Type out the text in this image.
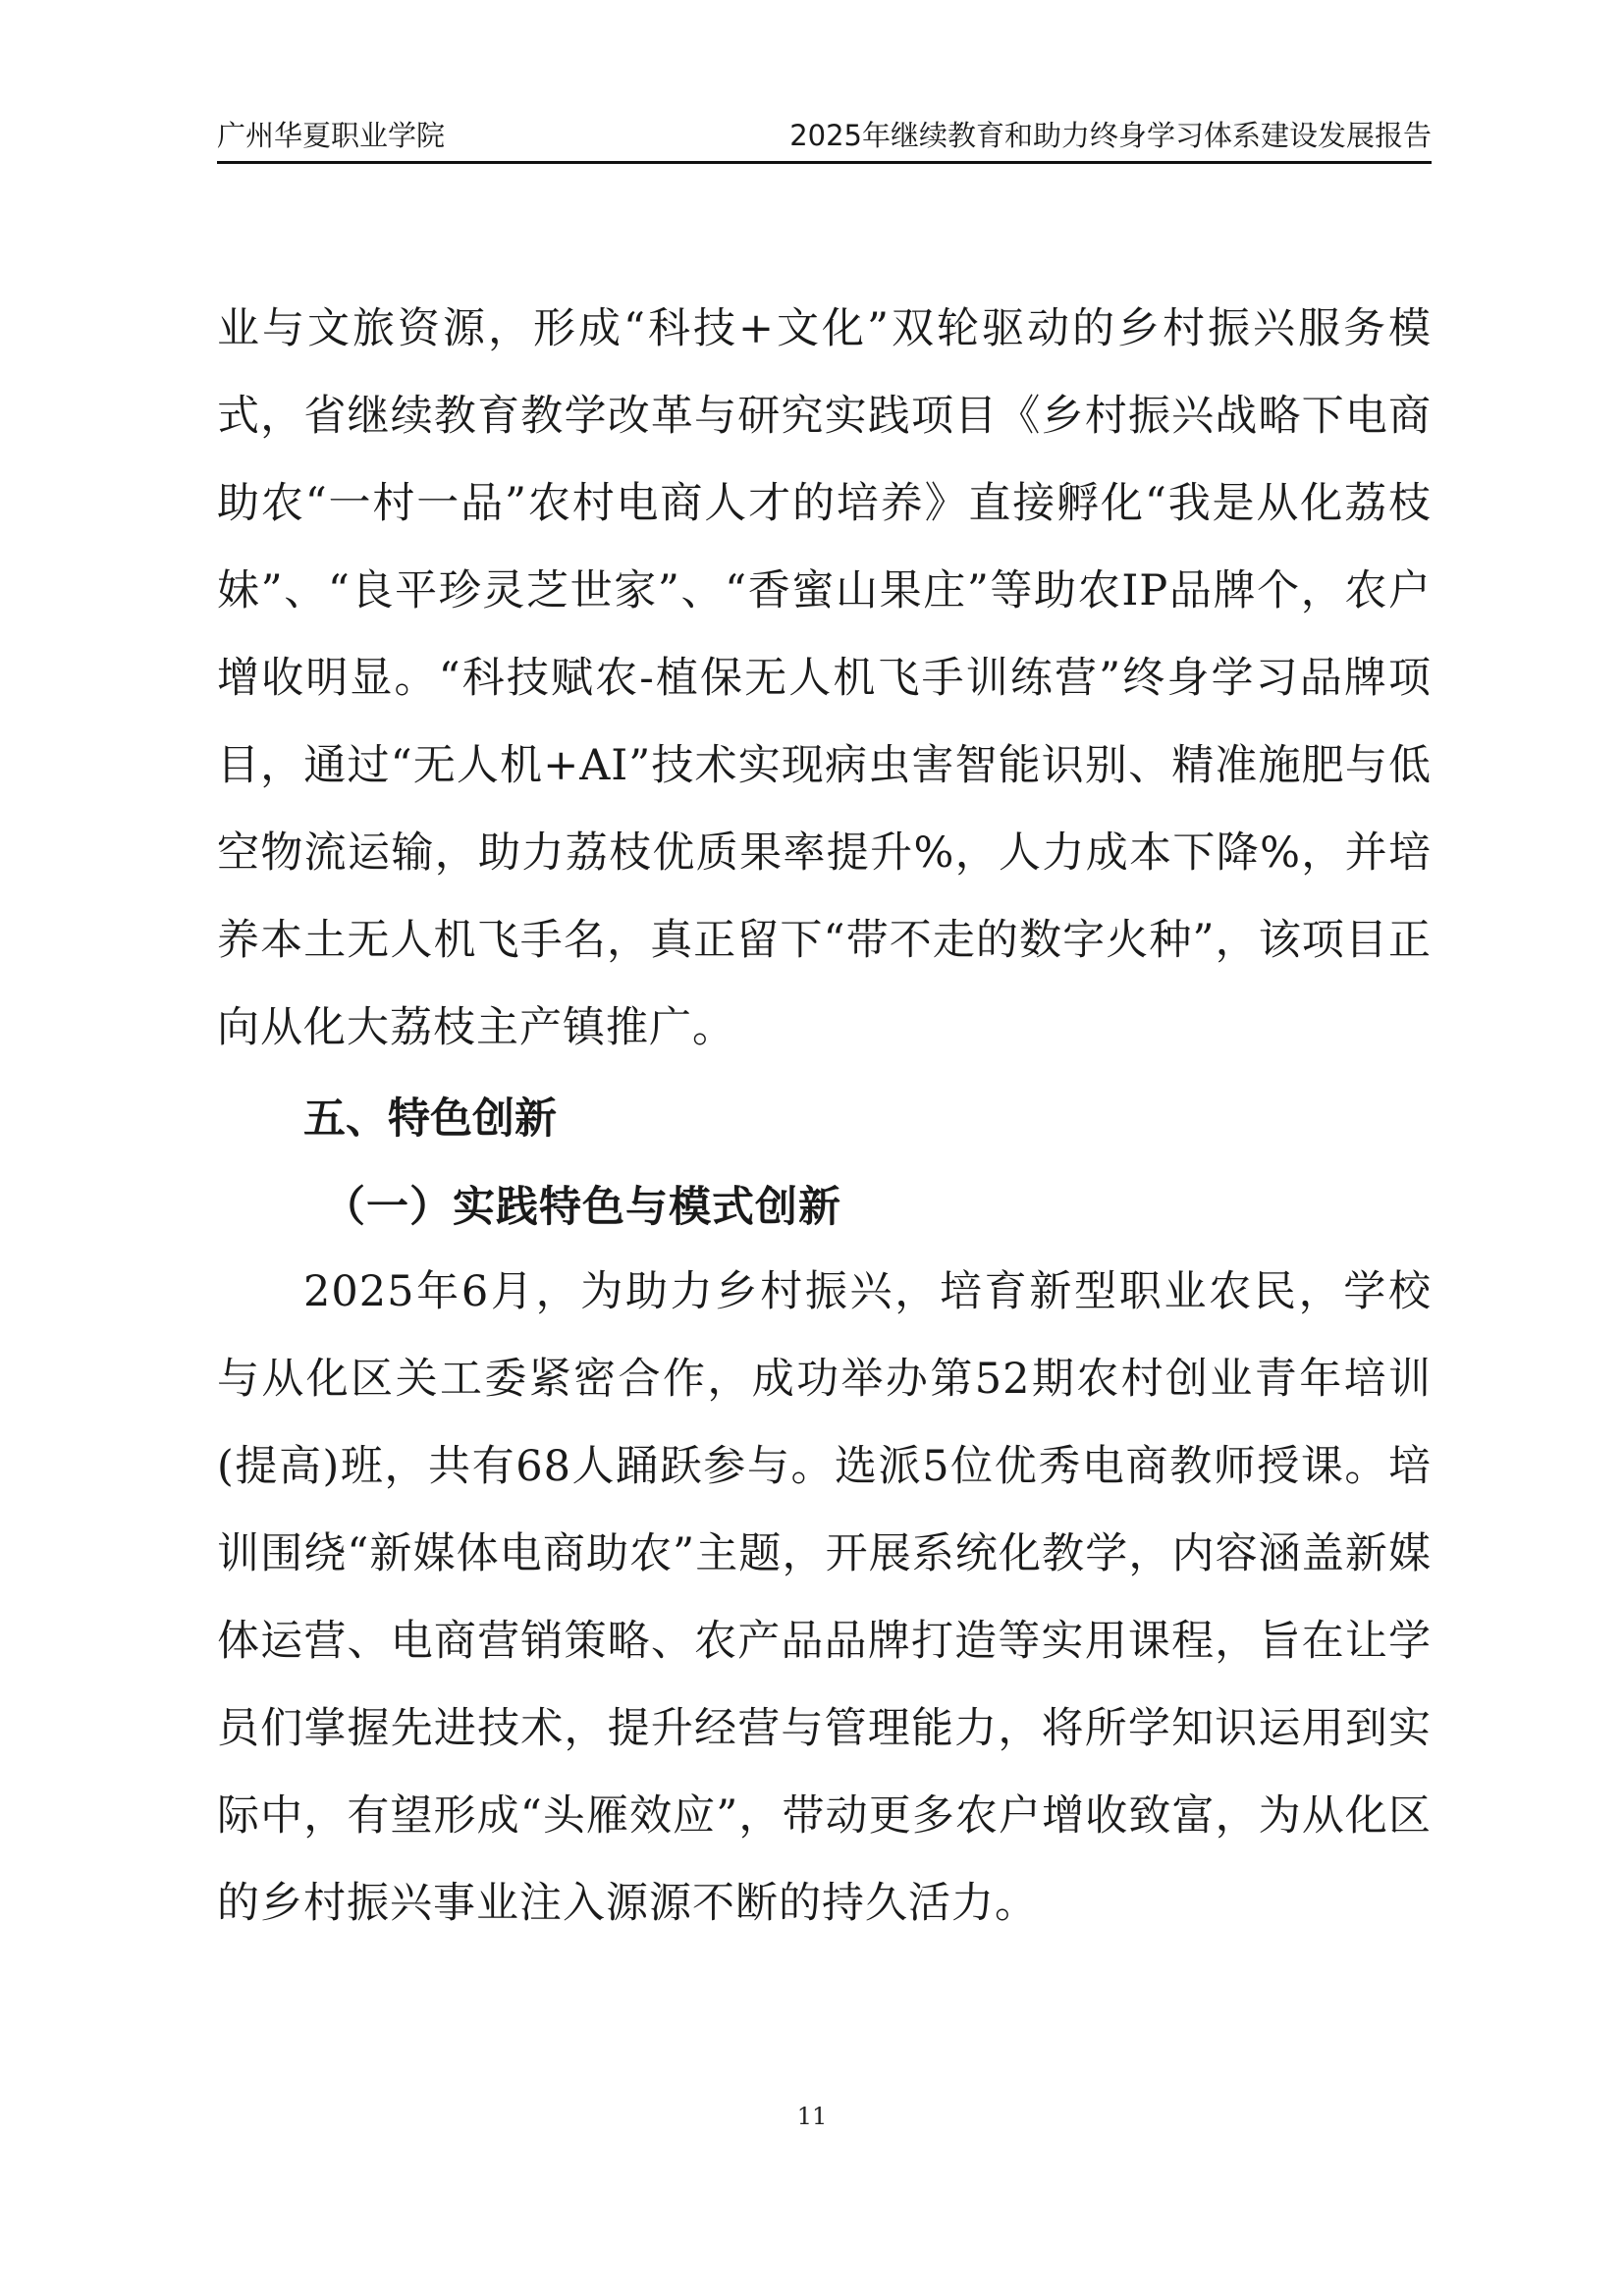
广州华夏职业学院	2025年继续教育和助力终身学习体系建设发展报告

业与文旅资源，形成“科技+文化”双轮驱动的乡村振兴服务模式，省继续教育教学改革与研究实践项目《乡村振兴战略下电商助农“一村一品”农村电商人才的培养》直接孵化“我是从化荔枝妹”、“良平珍灵芝世家”、“香蜜山果庄”等助农IP品牌个，农户增收明显。“科技赋农-植保无人机飞手训练营”终身学习品牌项目，通过“无人机+AI”技术实现病虫害智能识别、精准施肥与低空物流运输，助力荔枝优质果率提升%，人力成本下降%，并培养本土无人机飞手名，真正留下“带不走的数字火种”，该项目正向从化大荔枝主产镇推广。

五、特色创新
（一）实践特色与模式创新

2025年6月，为助力乡村振兴，培育新型职业农民，学校与从化区关工委紧密合作，成功举办第52期农村创业青年培训(提高)班，共有68人踊跃参与。选派5位优秀电商教师授课。培训围绕“新媒体电商助农”主题，开展系统化教学，内容涵盖新媒体运营、电商营销策略、农产品品牌打造等实用课程，旨在让学员们掌握先进技术，提升经营与管理能力，将所学知识运用到实际中，有望形成“头雁效应”，带动更多农户增收致富，为从化区的乡村振兴事业注入源源不断的持久活力。

11
